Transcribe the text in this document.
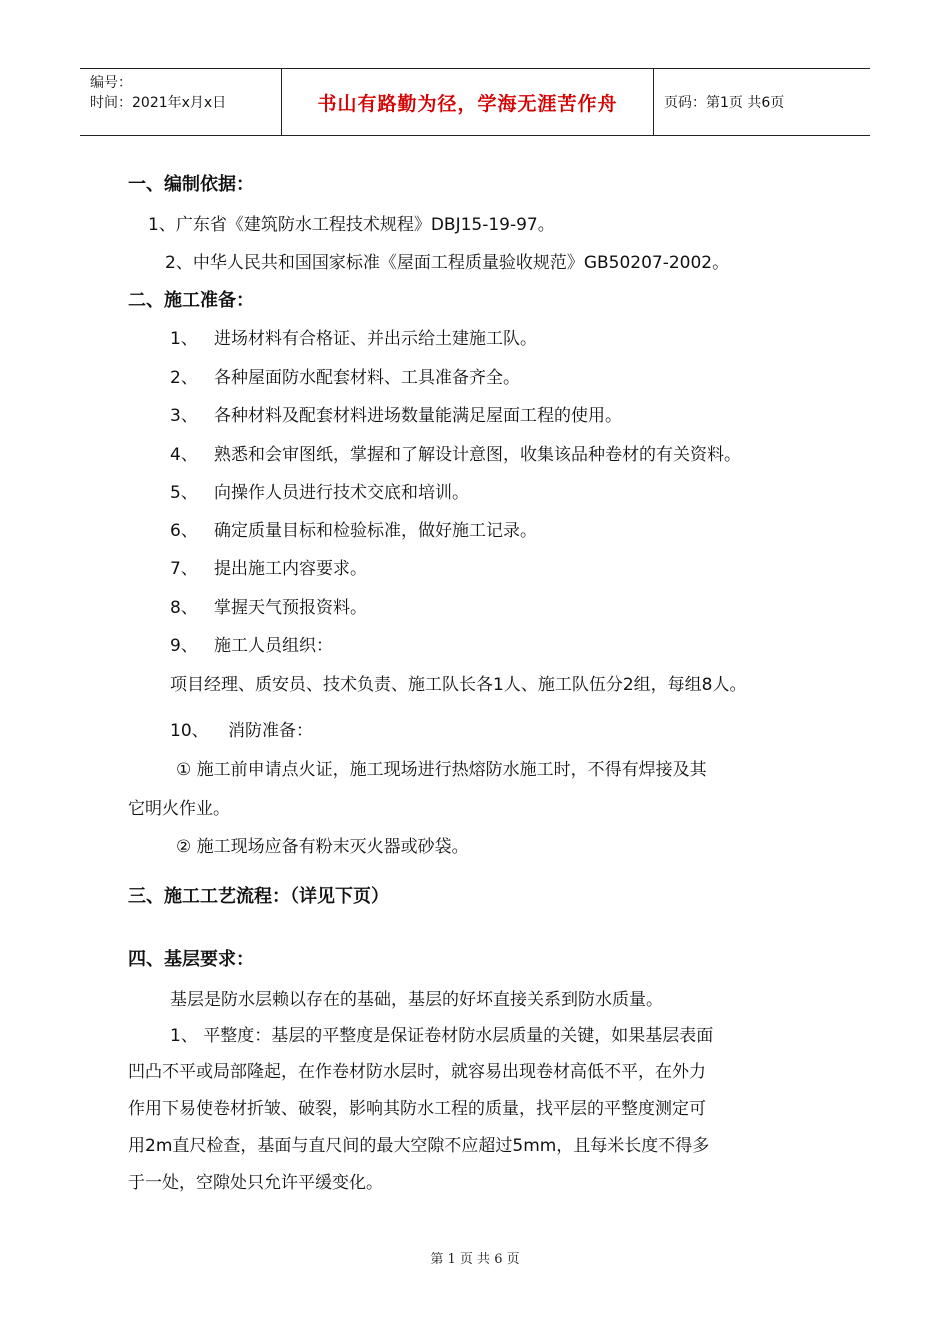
编号：
时间：2021年x月x日	书山有路勤为径，学海无涯苦作舟	页码：第1页 共6页
一、编制依据：
1、广东省《建筑防水工程技术规程》DBJ15-19-97。
2、中华人民共和国国家标准《屋面工程质量验收规范》GB50207-2002。
二、施工准备：
1、 进场材料有合格证、并出示给土建施工队。
2、 各种屋面防水配套材料、工具准备齐全。
3、 各种材料及配套材料进场数量能满足屋面工程的使用。
4、 熟悉和会审图纸，掌握和了解设计意图，收集该品种卷材的有关资料。
5、 向操作人员进行技术交底和培训。
6、 确定质量目标和检验标准，做好施工记录。
7、 提出施工内容要求。
8、 掌握天气预报资料。
9、 施工人员组织：
项目经理、质安员、技术负责、施工队长各1人、施工队伍分2组，每组8人。
10、 消防准备：
① 施工前申请点火证，施工现场进行热熔防水施工时，不得有焊接及其
它明火作业。
② 施工现场应备有粉末灭火器或砂袋。
三、施工工艺流程：（详见下页）
四、基层要求：
基层是防水层赖以存在的基础，基层的好坏直接关系到防水质量。
1、 平整度：基层的平整度是保证卷材防水层质量的关键，如果基层表面
凹凸不平或局部隆起，在作卷材防水层时，就容易出现卷材高低不平，在外力
作用下易使卷材折皱、破裂，影响其防水工程的质量，找平层的平整度测定可
用2m直尺检查，基面与直尺间的最大空隙不应超过5mm，且每米长度不得多
于一处，空隙处只允许平缓变化。
第 1 页 共 6 页
